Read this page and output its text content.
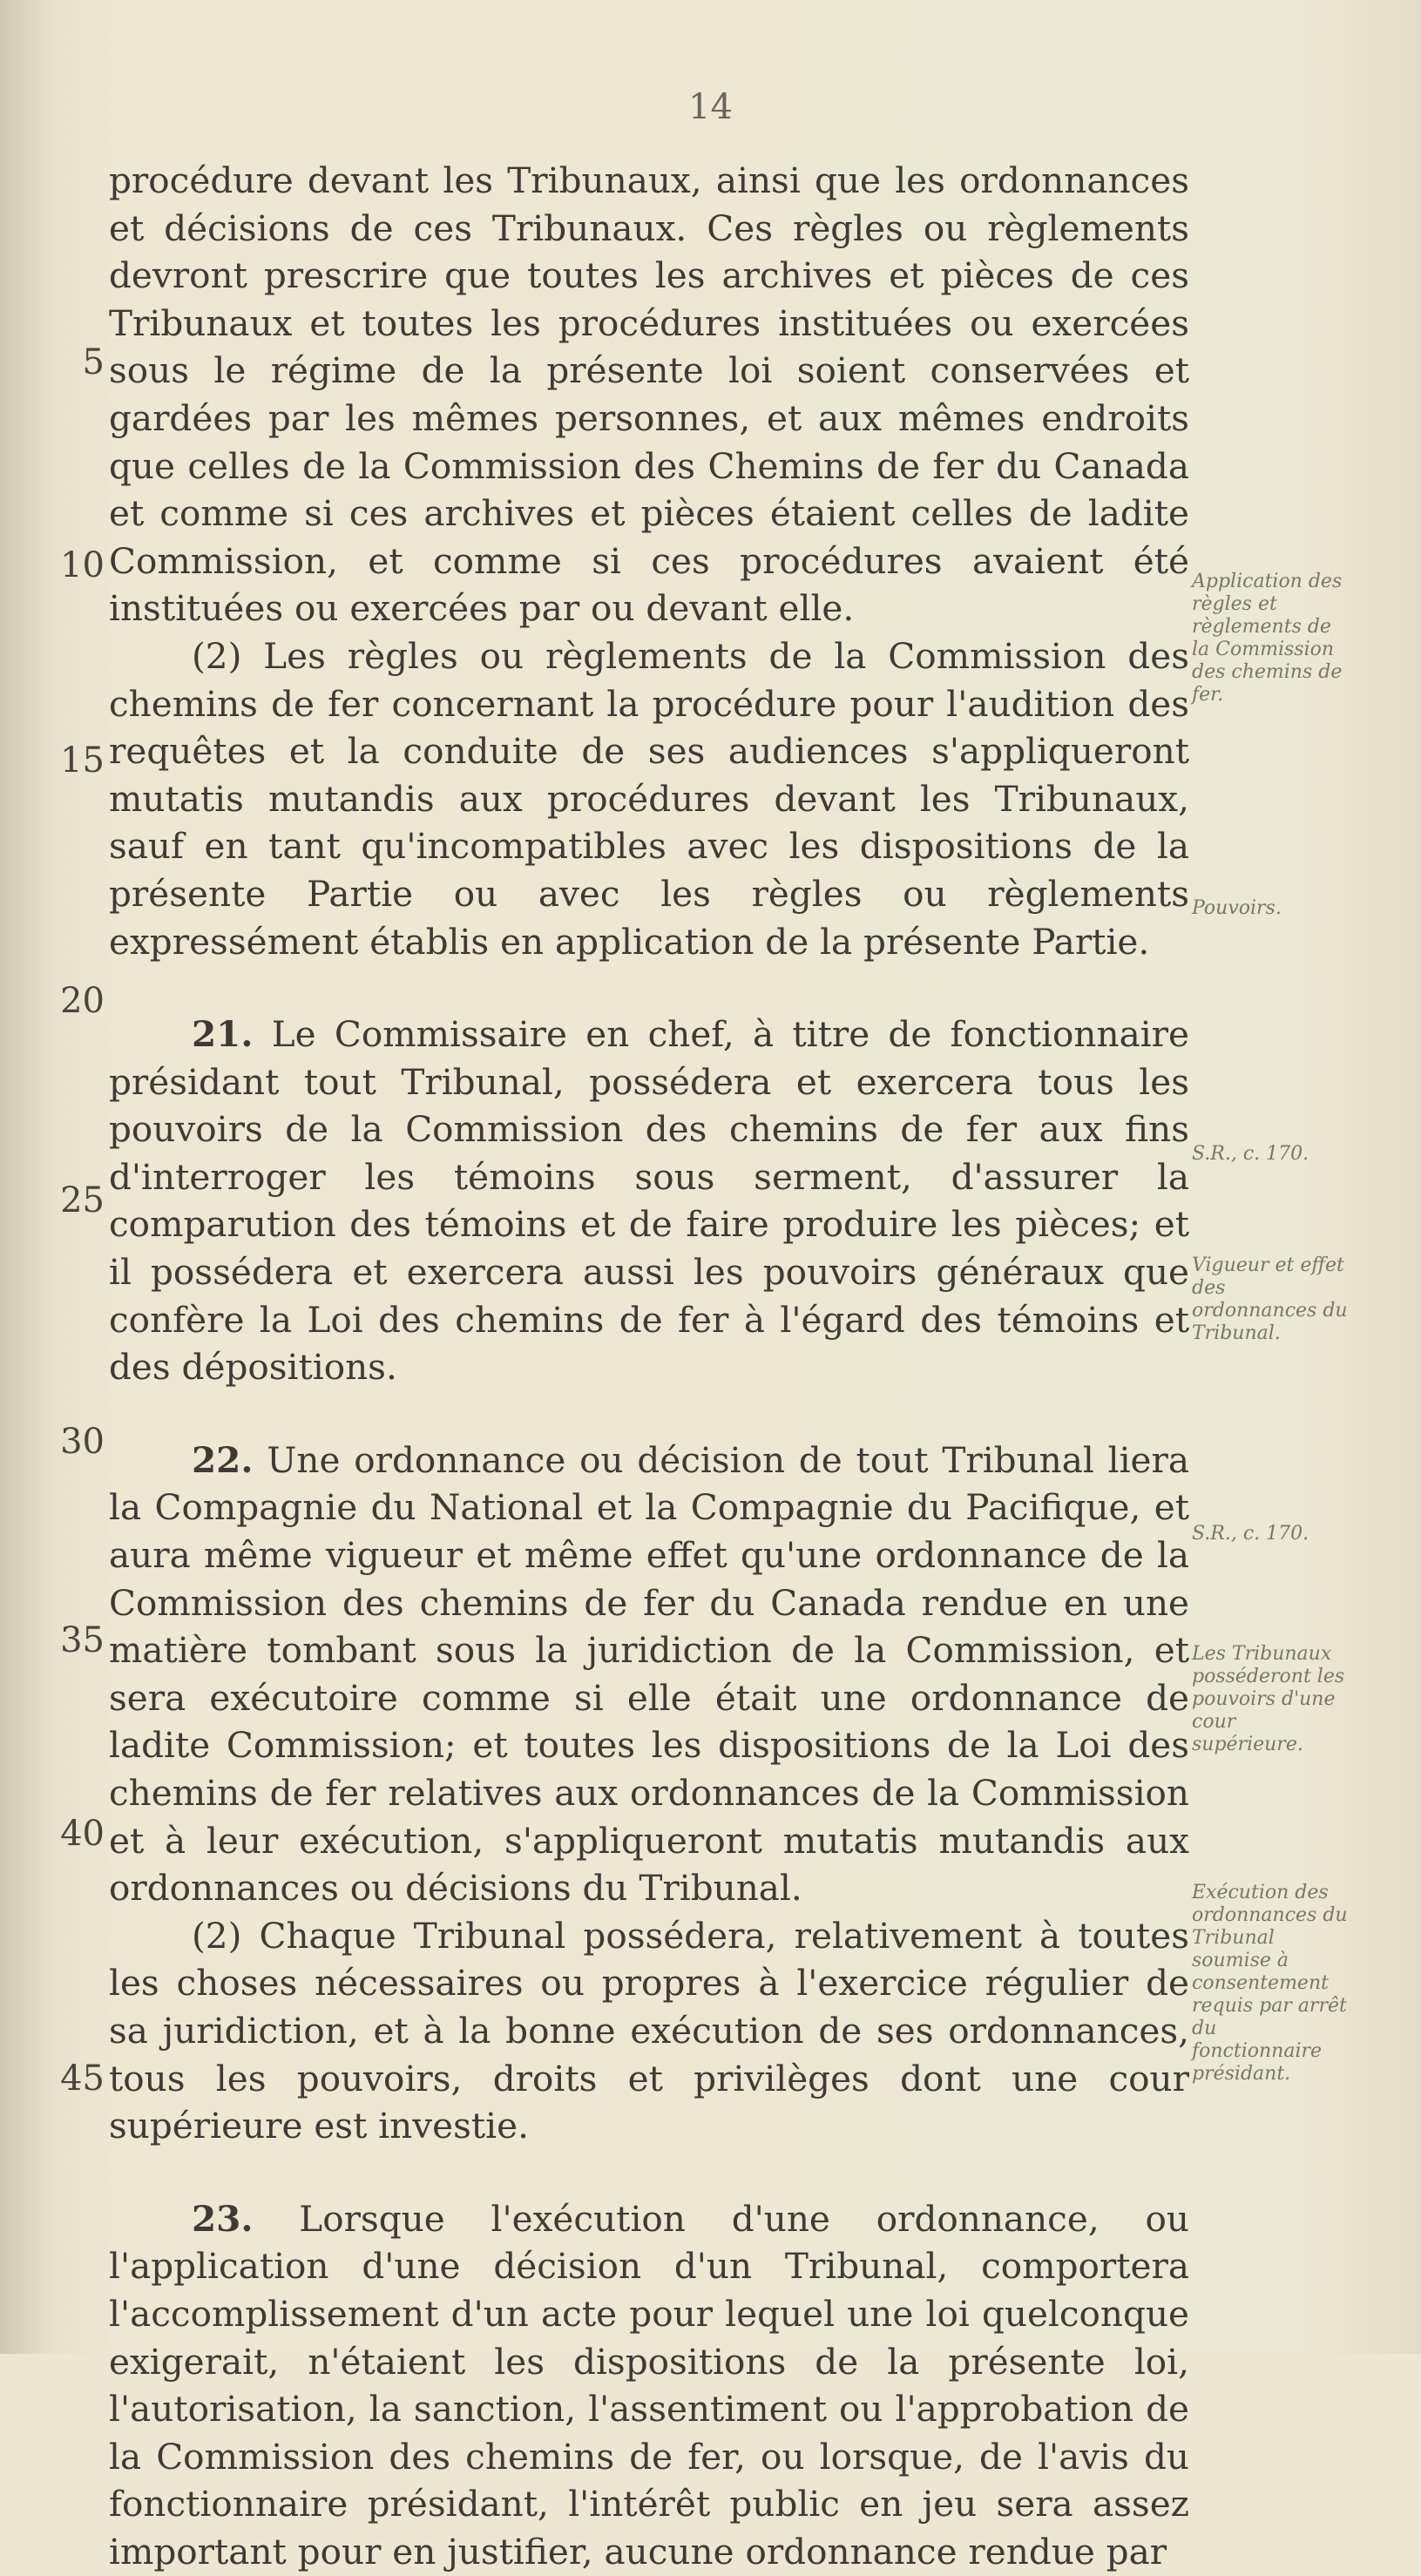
14

procédure devant les Tribunaux, ainsi que les ordonnances et décisions de ces Tribunaux. Ces règles ou règlements devront prescrire que toutes les archives et pièces de ces Tribunaux et toutes les procédures instituées ou exercées sous le régime de la présente loi soient conservées et gardées par les mêmes personnes, et aux mêmes endroits que celles de la Commission des Chemins de fer du Canada et comme si ces archives et pièces étaient celles de ladite Commission, et comme si ces procédures avaient été instituées ou exercées par ou devant elle.

(2) Les règles ou règlements de la Commission des chemins de fer concernant la procédure pour l'audition des requêtes et la conduite de ses audiences s'appliqueront mutatis mutandis aux procédures devant les Tribunaux, sauf en tant qu'incompatibles avec les dispositions de la présente Partie ou avec les règles ou règlements expressément établis en application de la présente Partie.

21. Le Commissaire en chef, à titre de fonctionnaire présidant tout Tribunal, possédera et exercera tous les pouvoirs de la Commission des chemins de fer aux fins d'interroger les témoins sous serment, d'assurer la comparution des témoins et de faire produire les pièces; et il possédera et exercera aussi les pouvoirs généraux que confère la Loi des chemins de fer à l'égard des témoins et des dépositions.

22. Une ordonnance ou décision de tout Tribunal liera la Compagnie du National et la Compagnie du Pacifique, et aura même vigueur et même effet qu'une ordonnance de la Commission des chemins de fer du Canada rendue en une matière tombant sous la juridiction de la Commission, et sera exécutoire comme si elle était une ordonnance de ladite Commission; et toutes les dispositions de la Loi des chemins de fer relatives aux ordonnances de la Commission et à leur exécution, s'appliqueront mutatis mutandis aux ordonnances ou décisions du Tribunal.

(2) Chaque Tribunal possédera, relativement à toutes les choses nécessaires ou propres à l'exercice régulier de sa juridiction, et à la bonne exécution de ses ordonnances, tous les pouvoirs, droits et privilèges dont une cour supérieure est investie.

23. Lorsque l'exécution d'une ordonnance, ou l'application d'une décision d'un Tribunal, comportera l'accomplissement d'un acte pour lequel une loi quelconque exigerait, n'étaient les dispositions de la présente loi, l'autorisation, la sanction, l'assentiment ou l'approbation de la Commission des chemins de fer, ou lorsque, de l'avis du fonctionnaire présidant, l'intérêt public en jeu sera assez important pour en justifier, aucune ordonnance rendue par

5
10
15
20
25
30
35
40
45
Application des règles et règlements de la Commission des chemins de fer.
Pouvoirs.
S.R., c. 170.
Vigueur et effet des ordonnances du Tribunal.
S.R., c. 170.
Les Tribunaux posséderont les pouvoirs d'une cour supérieure.
Exécution des ordonnances du Tribunal soumise à consentement requis par arrêt du fonctionnaire présidant.
